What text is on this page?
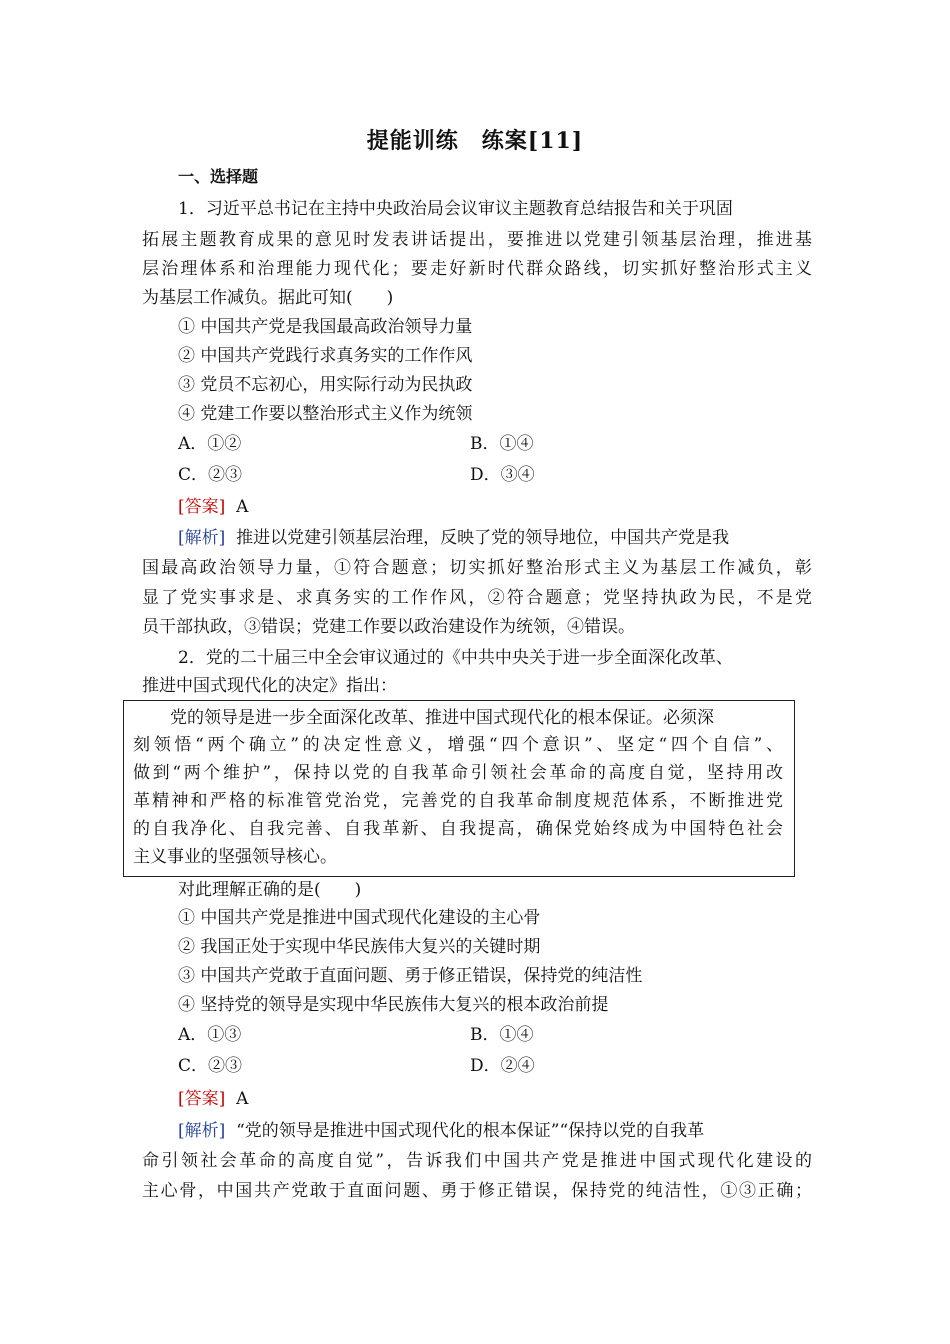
提能训练　练案[11]
一、选择题
1．习近平总书记在主持中央政治局会议审议主题教育总结报告和关于巩固
拓展主题教育成果的意见时发表讲话提出，要推进以党建引领基层治理，推进基
层治理体系和治理能力现代化；要走好新时代群众路线，切实抓好整治形式主义
为基层工作减负。据此可知(　　)
① 中国共产党是我国最高政治领导力量
② 中国共产党践行求真务实的工作作风
③ 党员不忘初心，用实际行动为民执政
④ 党建工作要以整治形式主义作为统领
A．①②	B．①④
C．②③	D．③④
[答案] A
[解析] 推进以党建引领基层治理，反映了党的领导地位，中国共产党是我
国最高政治领导力量，①符合题意；切实抓好整治形式主义为基层工作减负，彰
显了党实事求是、求真务实的工作作风，②符合题意；党坚持执政为民，不是党
员干部执政，③错误；党建工作要以政治建设作为统领，④错误。
2．党的二十届三中全会审议通过的《中共中央关于进一步全面深化改革、
推进中国式现代化的决定》指出：
党的领导是进一步全面深化改革、推进中国式现代化的根本保证。必须深
刻领悟“两个确立”的决定性意义，增强“四个意识”、坚定“四个自信”、
做到“两个维护”，保持以党的自我革命引领社会革命的高度自觉，坚持用改
革精神和严格的标准管党治党，完善党的自我革命制度规范体系，不断推进党
的自我净化、自我完善、自我革新、自我提高，确保党始终成为中国特色社会
主义事业的坚强领导核心。
对此理解正确的是(　　)
① 中国共产党是推进中国式现代化建设的主心骨
② 我国正处于实现中华民族伟大复兴的关键时期
③ 中国共产党敢于直面问题、勇于修正错误，保持党的纯洁性
④ 坚持党的领导是实现中华民族伟大复兴的根本政治前提
A．①③	B．①④
C．②③	D．②④
[答案] A
[解析] “党的领导是推进中国式现代化的根本保证”“保持以党的自我革
命引领社会革命的高度自觉”，告诉我们中国共产党是推进中国式现代化建设的
主心骨，中国共产党敢于直面问题、勇于修正错误，保持党的纯洁性，①③正确；
